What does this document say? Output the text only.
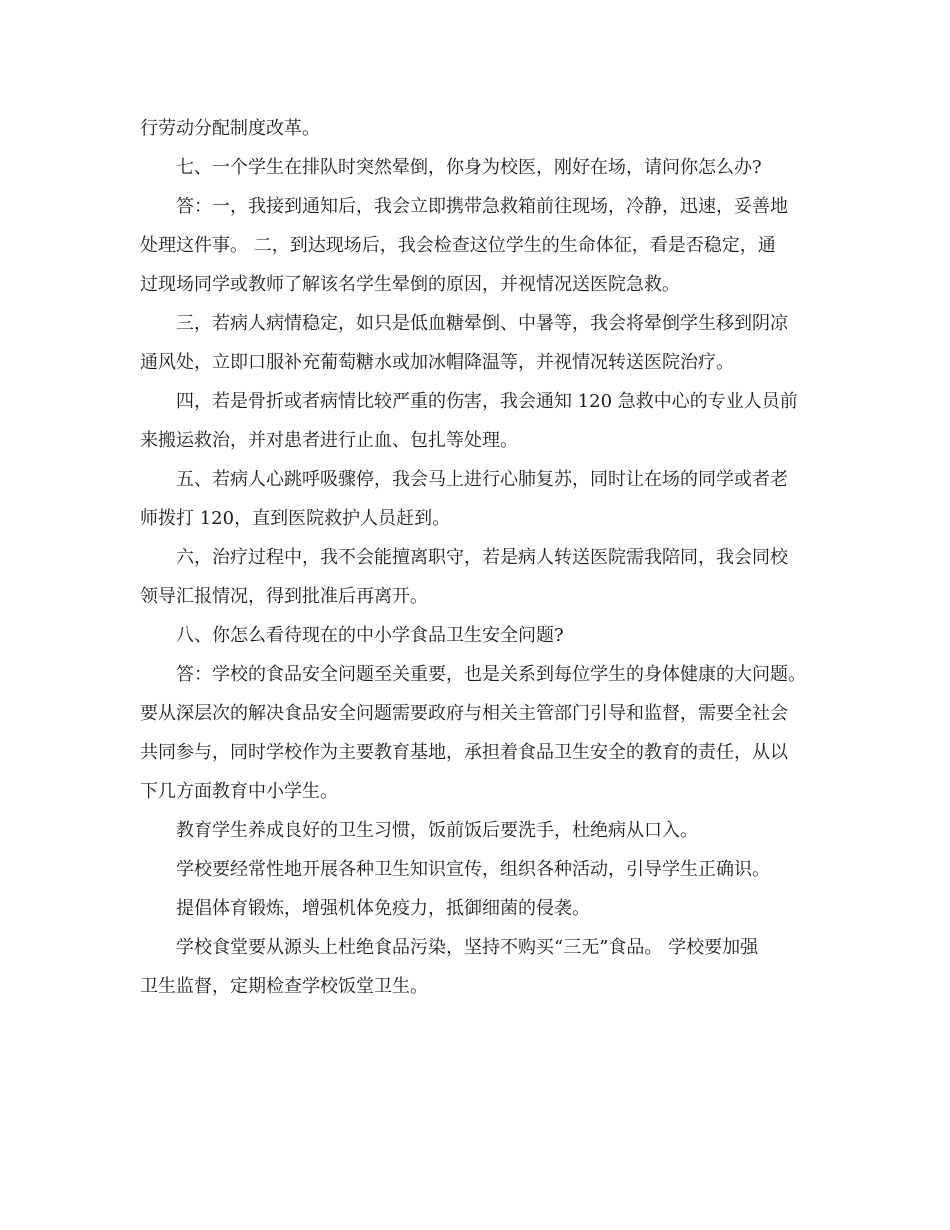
行劳动分配制度改革。
七、一个学生在排队时突然晕倒，你身为校医，刚好在场，请问你怎么办?
答：一，我接到通知后，我会立即携带急救箱前往现场，冷静，迅速，妥善地
处理这件事。 二，到达现场后，我会检查这位学生的生命体征，看是否稳定，通
过现场同学或教师了解该名学生晕倒的原因，并视情况送医院急救。
三，若病人病情稳定，如只是低血糖晕倒、中暑等，我会将晕倒学生移到阴凉
通风处，立即口服补充葡萄糖水或加冰帽降温等，并视情况转送医院治疗。
四，若是骨折或者病情比较严重的伤害，我会通知 120 急救中心的专业人员前
来搬运救治，并对患者进行止血、包扎等处理。
五、若病人心跳呼吸骤停，我会马上进行心肺复苏，同时让在场的同学或者老
师拨打 120，直到医院救护人员赶到。
六，治疗过程中，我不会能擅离职守，若是病人转送医院需我陪同，我会同校
领导汇报情况，得到批准后再离开。
八、你怎么看待现在的中小学食品卫生安全问题?
答：学校的食品安全问题至关重要，也是关系到每位学生的身体健康的大问题。
要从深层次的解决食品安全问题需要政府与相关主管部门引导和监督，需要全社会
共同参与，同时学校作为主要教育基地，承担着食品卫生安全的教育的责任，从以
下几方面教育中小学生。
教育学生养成良好的卫生习惯，饭前饭后要洗手，杜绝病从口入。
学校要经常性地开展各种卫生知识宣传，组织各种活动，引导学生正确识。
提倡体育锻炼，增强机体免疫力，抵御细菌的侵袭。
学校食堂要从源头上杜绝食品污染，坚持不购买“三无”食品。 学校要加强
卫生监督，定期检查学校饭堂卫生。
